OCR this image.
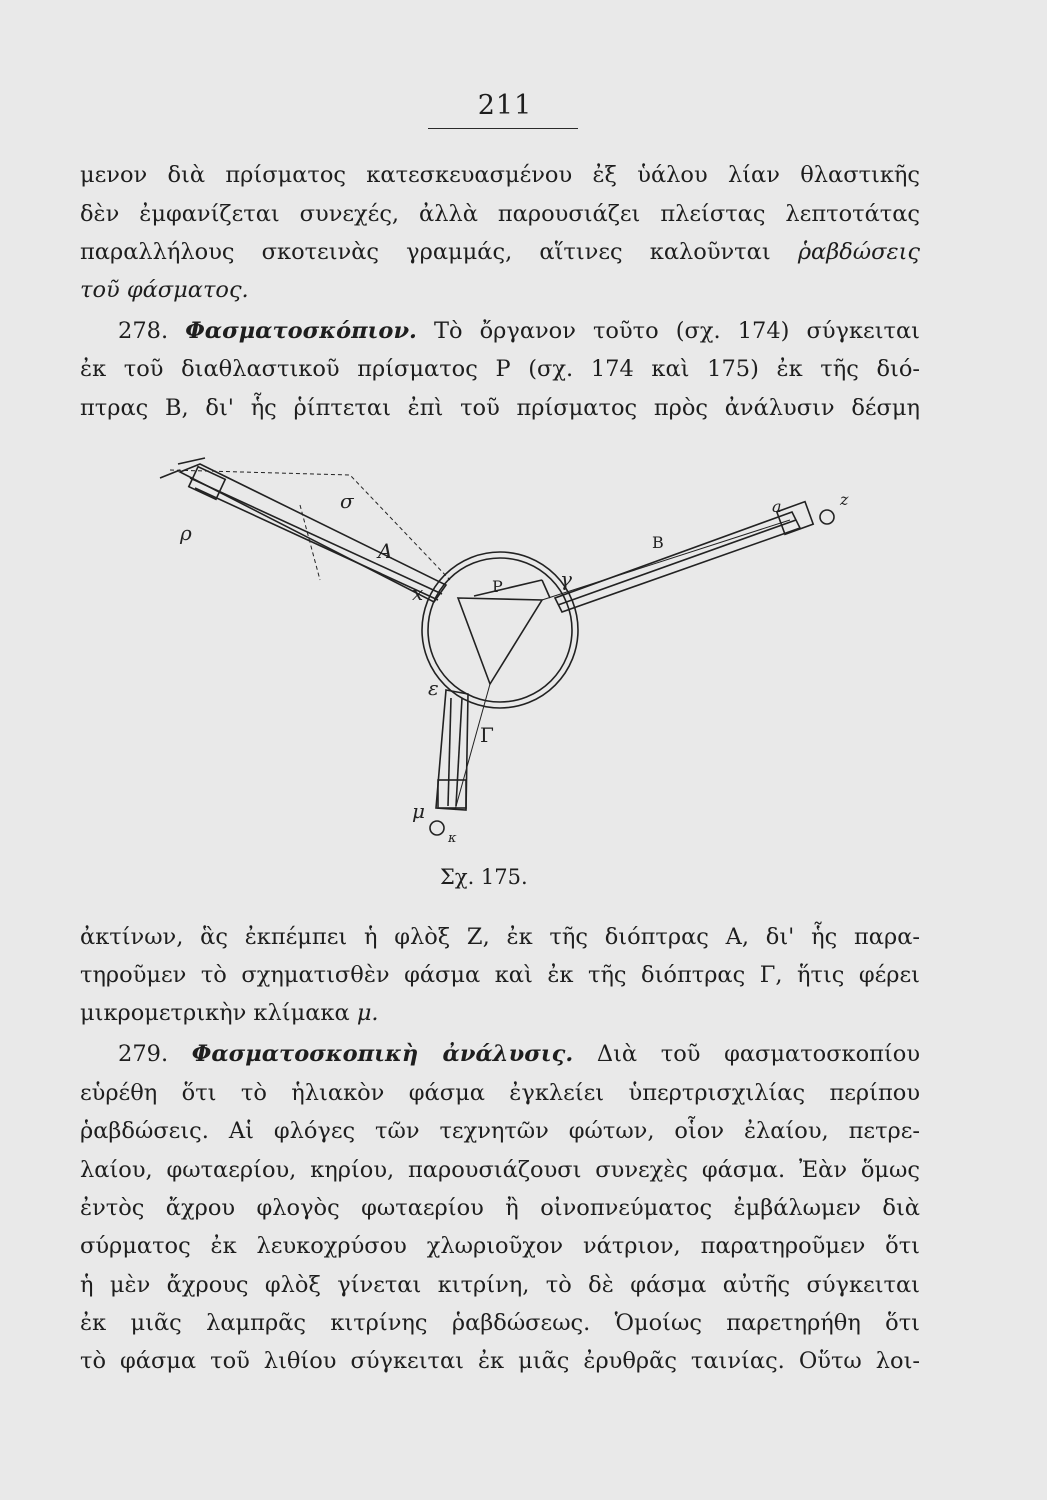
211
μενον διὰ πρίσματος κατεσκευασμένου ἐξ ὑάλου λίαν θλαστικῆς
δὲν ἐμφανίζεται συνεχές, ἀλλὰ παρουσιάζει πλείστας λεπτοτάτας
παραλλήλους σκοτεινὰς γραμμάς, αἵτινες καλοῦνται ῥαβδώσεις
τοῦ φάσματος.
278. Φασματοσκόπιον. Τὸ ὄργανον τοῦτο (σχ. 174) σύγκειται
ἐκ τοῦ διαθλαστικοῦ πρίσματος Ρ (σχ. 174 καὶ 175) ἐκ τῆς διό-
πτρας Β, δι' ἧς ῥίπτεται ἐπὶ τοῦ πρίσματος πρὸς ἀνάλυσιν δέσμη
ρ
σ
A
x	P	γ
B
a	z
ε
Γ
μ
κ
Σχ. 175.
ἀκτίνων, ἃς ἐκπέμπει ἡ φλὸξ Ζ, ἐκ τῆς διόπτρας Α, δι' ἧς παρα-
τηροῦμεν τὸ σχηματισθὲν φάσμα καὶ ἐκ τῆς διόπτρας Γ, ἥτις φέρει
μικρομετρικὴν κλίμακα μ.
279. Φασματοσκοπικὴ ἀνάλυσις. Διὰ τοῦ φασματοσκοπίου
εὑρέθη ὅτι τὸ ἡλιακὸν φάσμα ἐγκλείει ὑπερτρισχιλίας περίπου
ῥαβδώσεις. Αἱ φλόγες τῶν τεχνητῶν φώτων, οἷον ἐλαίου, πετρε-
λαίου, φωταερίου, κηρίου, παρουσιάζουσι συνεχὲς φάσμα. Ἐὰν ὅμως
ἐντὸς ἄχρου φλογὸς φωταερίου ἢ οἰνοπνεύματος ἐμβάλωμεν διὰ
σύρματος ἐκ λευκοχρύσου χλωριοῦχον νάτριον, παρατηροῦμεν ὅτι
ἡ μὲν ἄχρους φλὸξ γίνεται κιτρίνη, τὸ δὲ φάσμα αὐτῆς σύγκειται
ἐκ μιᾶς λαμπρᾶς κιτρίνης ῥαβδώσεως. Ὁμοίως παρετηρήθη ὅτι
τὸ φάσμα τοῦ λιθίου σύγκειται ἐκ μιᾶς ἐρυθρᾶς ταινίας. Οὕτω λοι-
